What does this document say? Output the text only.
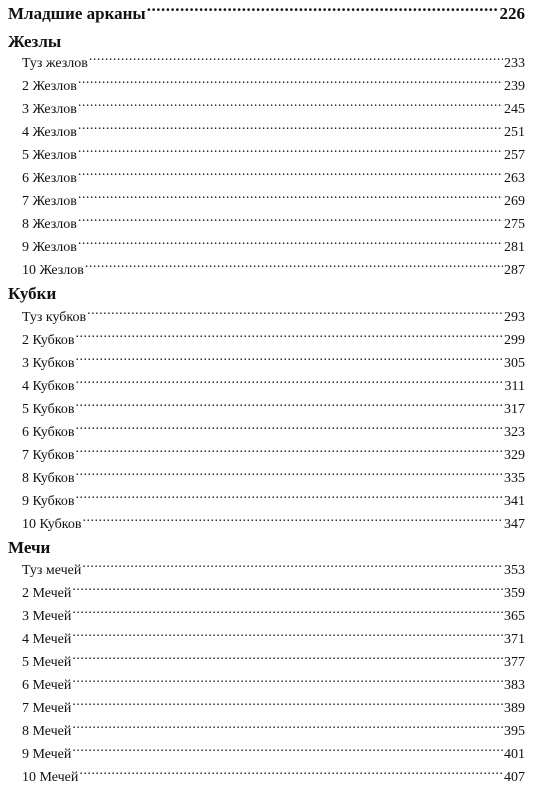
Младшие арканы .....	226
Жезлы
Туз жезлов .....	233
2 Жезлов .....	239
3 Жезлов .....	245
4 Жезлов .....	251
5 Жезлов .....	257
6 Жезлов .....	263
7 Жезлов .....	269
8 Жезлов .....	275
9 Жезлов .....	281
10 Жезлов .....	287
Кубки
Туз кубков .....	293
2 Кубков .....	299
3 Кубков .....	305
4 Кубков .....	311
5 Кубков .....	317
6 Кубков .....	323
7 Кубков .....	329
8 Кубков .....	335
9 Кубков .....	341
10 Кубков .....	347
Мечи
Туз мечей .....	353
2 Мечей .....	359
3 Мечей .....	365
4 Мечей .....	371
5 Мечей .....	377
6 Мечей .....	383
7 Мечей .....	389
8 Мечей .....	395
9 Мечей .....	401
10 Мечей .....	407
